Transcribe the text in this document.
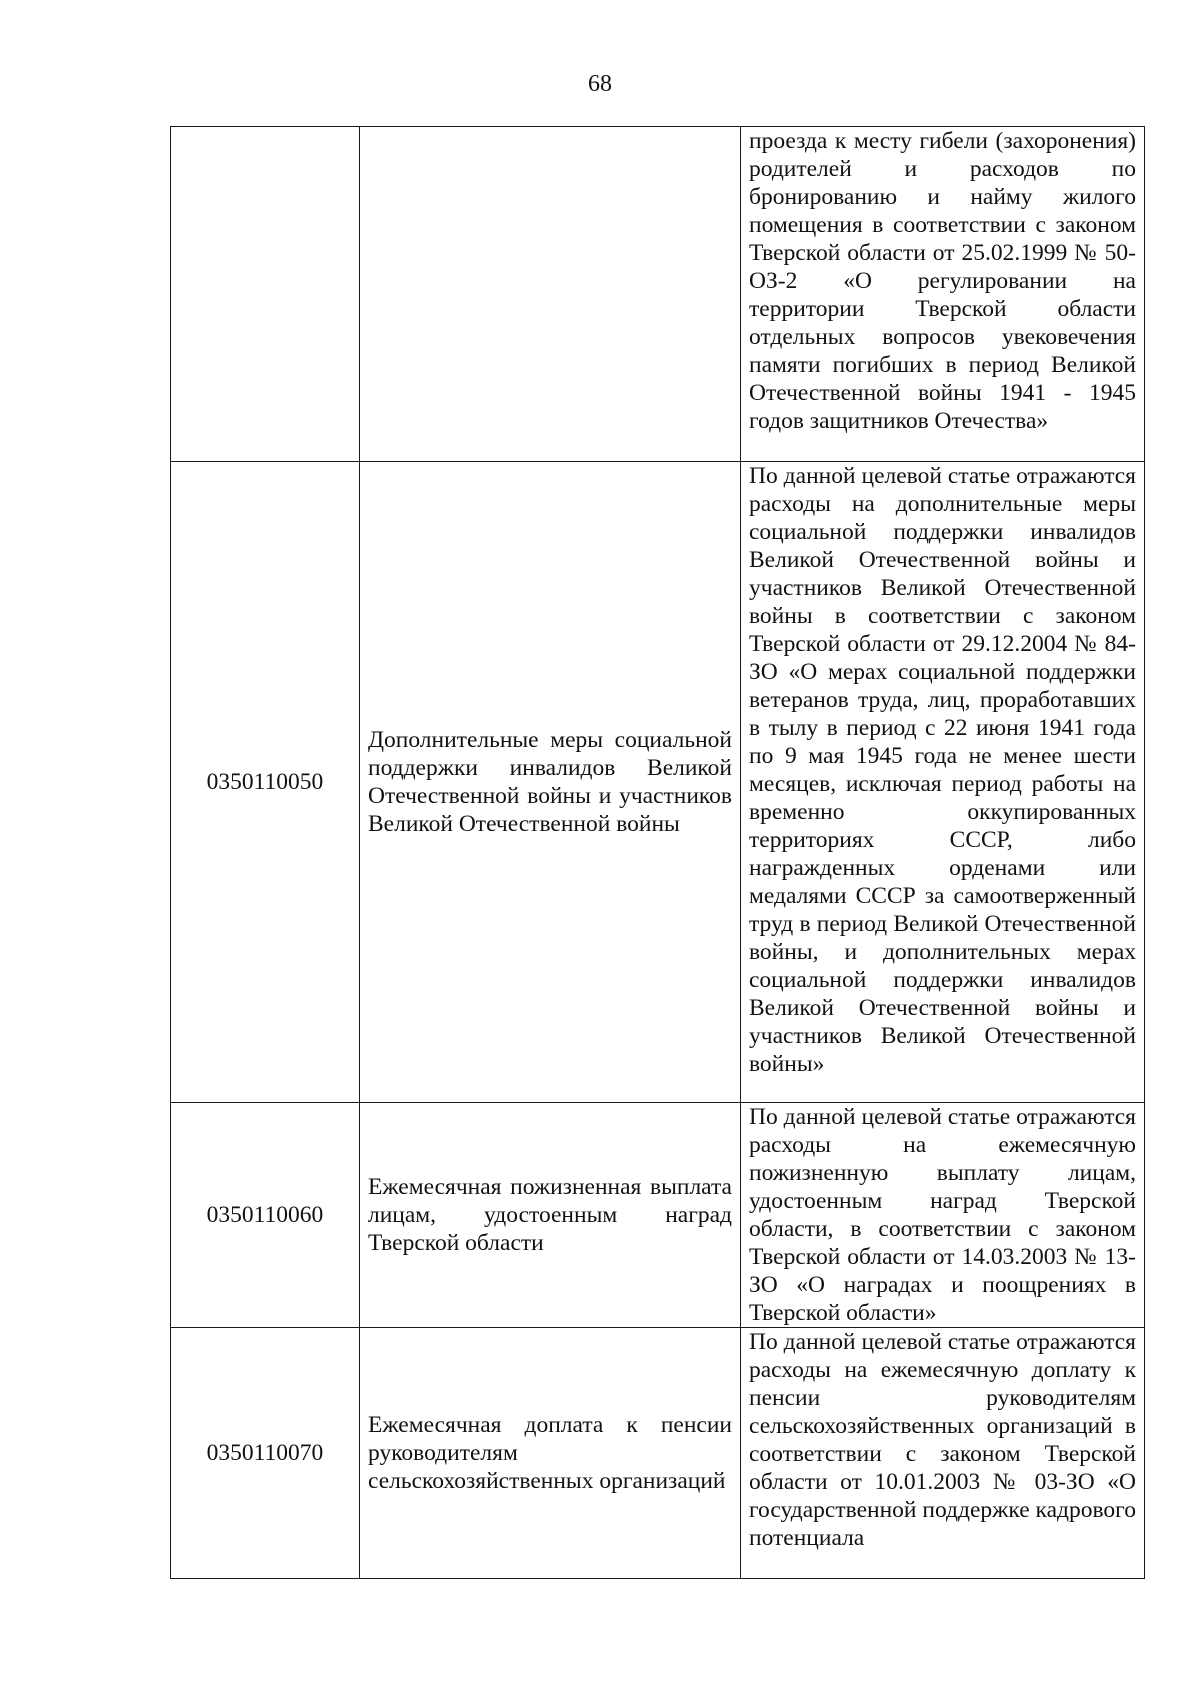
68
		проезда к месту гибели (захоронения) родителей и расходов по бронированию и найму жилого помещения в соответствии с законом Тверской области от 25.02.1999 № 50-ОЗ-2 «О регулировании на территории Тверской области отдельных вопросов увековечения памяти погибших в период Великой Отечественной войны 1941 - 1945 годов защитников Отечества»
0350110050	Дополнительные меры социальной поддержки инвалидов Великой Отечественной войны и участников Великой Отечественной войны	По данной целевой статье отражаются расходы на дополнительные меры социальной поддержки инвалидов Великой Отечественной войны и участников Великой Отечественной войны в соответствии с законом Тверской области от 29.12.2004 № 84-ЗО «О мерах социальной поддержки ветеранов труда, лиц, проработавших в тылу в период с 22 июня 1941 года по 9 мая 1945 года не менее шести месяцев, исключая период работы на временно оккупированных территориях СССР, либо награжденных орденами или медалями СССР за самоотверженный труд в период Великой Отечественной войны, и дополнительных мерах социальной поддержки инвалидов Великой Отечественной войны и участников Великой Отечественной войны»
0350110060	Ежемесячная пожизненная выплата лицам, удостоенным наград Тверской области	По данной целевой статье отражаются расходы на ежемесячную пожизненную выплату лицам, удостоенным наград Тверской области, в соответствии с законом Тверской области от 14.03.2003 № 13-ЗО «О наградах и поощрениях в Тверской области»
0350110070	Ежемесячная доплата к пенсии руководителям сельскохозяйственных организаций	По данной целевой статье отражаются расходы на ежемесячную доплату к пенсии руководителям сельскохозяйственных организаций в соответствии с законом Тверской области от 10.01.2003 № 03-ЗО «О государственной поддержке кадрового потенциала
